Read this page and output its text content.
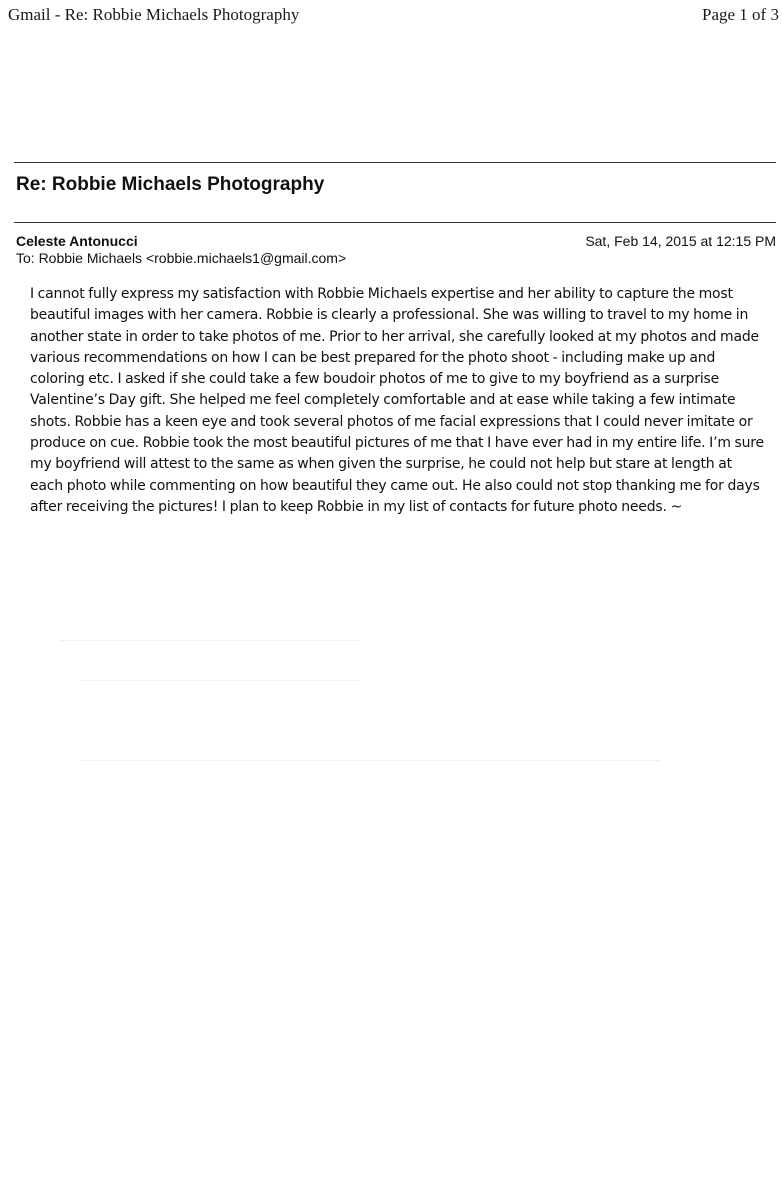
Gmail - Re: Robbie Michaels Photography	Page 1 of 3
Re: Robbie Michaels Photography
Celeste Antonucci	Sat, Feb 14, 2015 at 12:15 PM
To: Robbie Michaels <robbie.michaels1@gmail.com>
I cannot fully express my satisfaction with Robbie Michaels expertise and her ability to capture the most beautiful images with her camera. Robbie is clearly a professional. She was willing to travel to my home in another state in order to take photos of me. Prior to her arrival, she carefully looked at my photos and made various recommendations on how I can be best prepared for the photo shoot - including make up and coloring etc. I asked if she could take a few boudoir photos of me to give to my boyfriend as a surprise Valentine’s Day gift. She helped me feel completely comfortable and at ease while taking a few intimate shots. Robbie has a keen eye and took several photos of me facial expressions that I could never imitate or produce on cue. Robbie took the most beautiful pictures of me that I have ever had in my entire life. I’m sure my boyfriend will attest to the same as when given the surprise, he could not help but stare at length at each photo while commenting on how beautiful they came out. He also could not stop thanking me for days after receiving the pictures! I plan to keep Robbie in my list of contacts for future photo needs. ~
